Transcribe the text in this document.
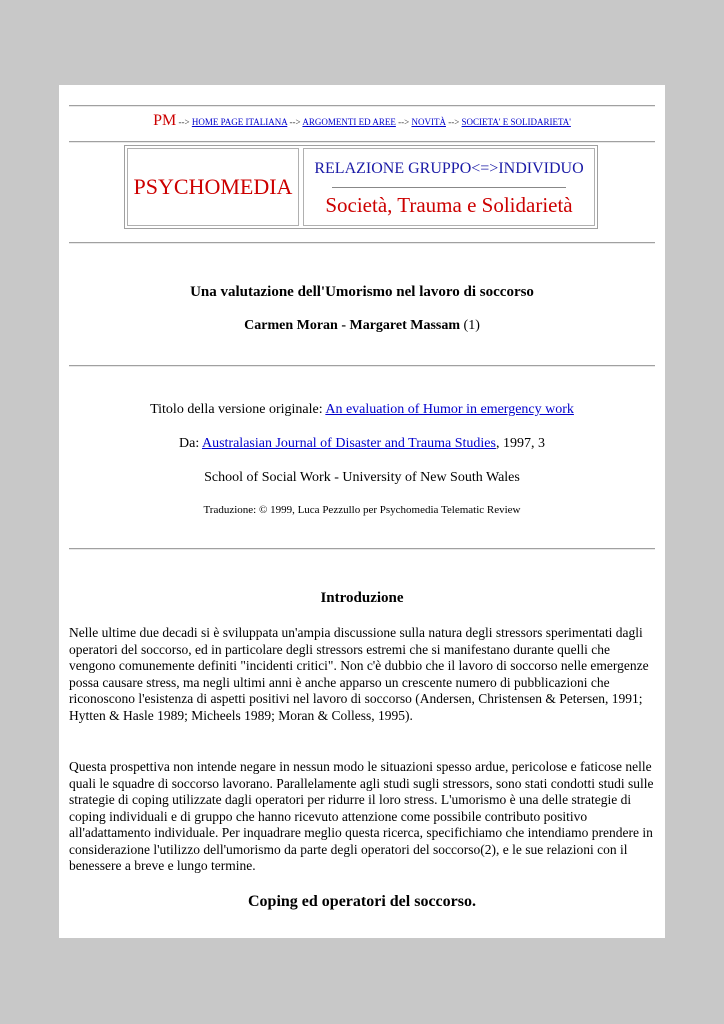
PM --> HOME PAGE ITALIANA --> ARGOMENTI ED AREE --> NOVITÀ --> SOCIETA' E SOLIDARIETA'
PSYCHOMEDIA
RELAZIONE GRUPPO<=>INDIVIDUO
Società, Trauma e Solidarietà
Una valutazione dell'Umorismo nel lavoro di soccorso
Carmen Moran - Margaret Massam (1)
Titolo della versione originale: An evaluation of Humor in emergency work
Da: Australasian Journal of Disaster and Trauma Studies, 1997, 3
School of Social Work - University of New South Wales
Traduzione: © 1999, Luca Pezzullo per Psychomedia Telematic Review
Introduzione
Nelle ultime due decadi si è sviluppata un'ampia discussione sulla natura degli stressors sperimentati dagli operatori del soccorso, ed in particolare degli stressors estremi che si manifestano durante quelli che vengono comunemente definiti "incidenti critici". Non c'è dubbio che il lavoro di soccorso nelle emergenze possa causare stress, ma negli ultimi anni è anche apparso un crescente numero di pubblicazioni che riconoscono l'esistenza di aspetti positivi nel lavoro di soccorso (Andersen, Christensen & Petersen, 1991; Hytten & Hasle 1989; Micheels 1989; Moran & Colless, 1995).
Questa prospettiva non intende negare in nessun modo le situazioni spesso ardue, pericolose e faticose nelle quali le squadre di soccorso lavorano. Parallelamente agli studi sugli stressors, sono stati condotti studi sulle strategie di coping utilizzate dagli operatori per ridurre il loro stress. L'umorismo è una delle strategie di coping individuali e di gruppo che hanno ricevuto attenzione come possibile contributo positivo all'adattamento individuale. Per inquadrare meglio questa ricerca, specifichiamo che intendiamo prendere in considerazione l'utilizzo dell'umorismo da parte degli operatori del soccorso(2), e le sue relazioni con il benessere a breve e lungo termine.
Coping ed operatori del soccorso.
